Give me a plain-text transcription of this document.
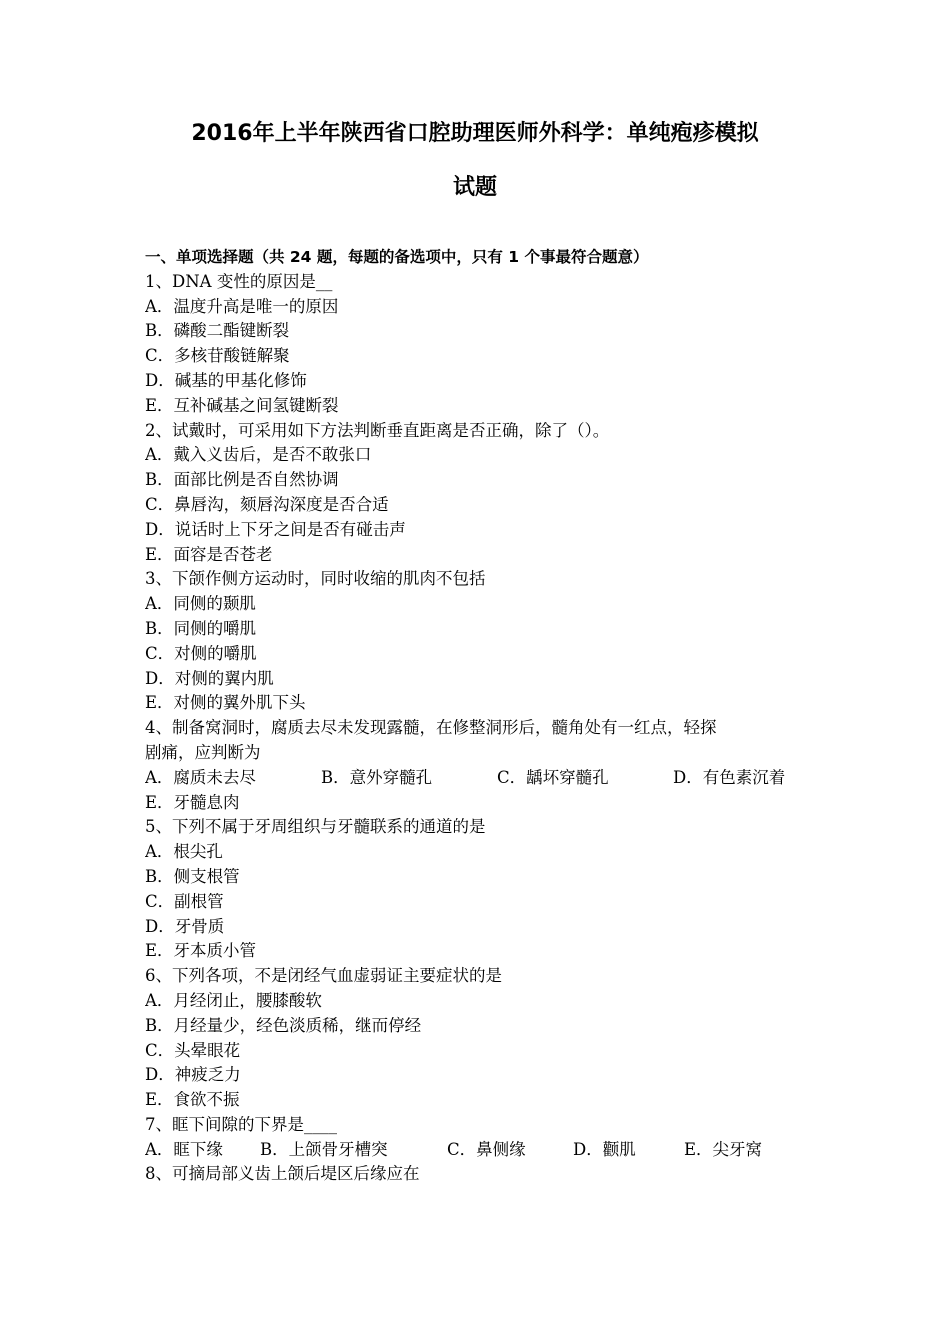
2016年上半年陕西省口腔助理医师外科学：单纯疱疹模拟
试题
一、单项选择题（共 24 题，每题的备选项中，只有 1 个事最符合题意）
1、DNA 变性的原因是__
A．温度升高是唯一的原因
B．磷酸二酯键断裂
C．多核苷酸链解聚
D．碱基的甲基化修饰
E．互补碱基之间氢键断裂
2、试戴时，可采用如下方法判断垂直距离是否正确，除了（）。
A．戴入义齿后，是否不敢张口
B．面部比例是否自然协调
C．鼻唇沟，颏唇沟深度是否合适
D．说话时上下牙之间是否有碰击声
E．面容是否苍老
3、下颌作侧方运动时，同时收缩的肌肉不包括
A．同侧的颞肌
B．同侧的嚼肌
C．对侧的嚼肌
D．对侧的翼内肌
E．对侧的翼外肌下头
4、制备窝洞时，腐质去尽未发现露髓，在修整洞形后，髓角处有一红点，轻探
剧痛，应判断为
A．腐质未去尽	B．意外穿髓孔	C．龋坏穿髓孔	D．有色素沉着
E．牙髓息肉
5、下列不属于牙周组织与牙髓联系的通道的是
A．根尖孔
B．侧支根管
C．副根管
D．牙骨质
E．牙本质小管
6、下列各项，不是闭经气血虚弱证主要症状的是
A．月经闭止，腰膝酸软
B．月经量少，经色淡质稀，继而停经
C．头晕眼花
D．神疲乏力
E．食欲不振
7、眶下间隙的下界是____
A．眶下缘	B．上颌骨牙槽突	C．鼻侧缘	D．颧肌	E．尖牙窝
8、可摘局部义齿上颌后堤区后缘应在
